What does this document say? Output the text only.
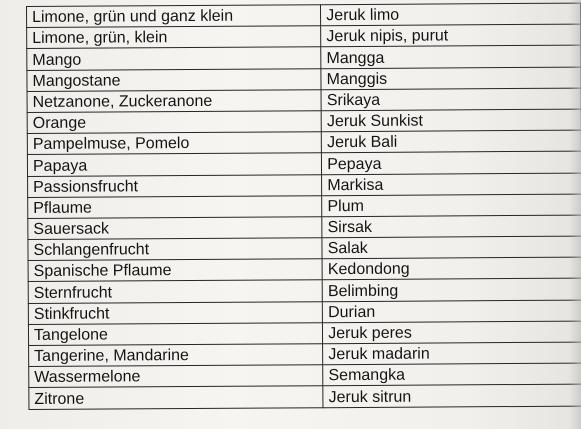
Limone, grün und ganz klein	Jeruk limo
Limone, grün, klein	Jeruk nipis, purut
Mango	Mangga
Mangostane	Manggis
Netzanone, Zuckeranone	Srikaya
Orange	Jeruk Sunkist
Pampelmuse, Pomelo	Jeruk Bali
Papaya	Pepaya
Passionsfrucht	Markisa
Pflaume	Plum
Sauersack	Sirsak
Schlangenfrucht	Salak
Spanische Pflaume	Kedondong
Sternfrucht	Belimbing
Stinkfrucht	Durian
Tangelone	Jeruk peres
Tangerine, Mandarine	Jeruk madarin
Wassermelone	Semangka
Zitrone	Jeruk sitrun
